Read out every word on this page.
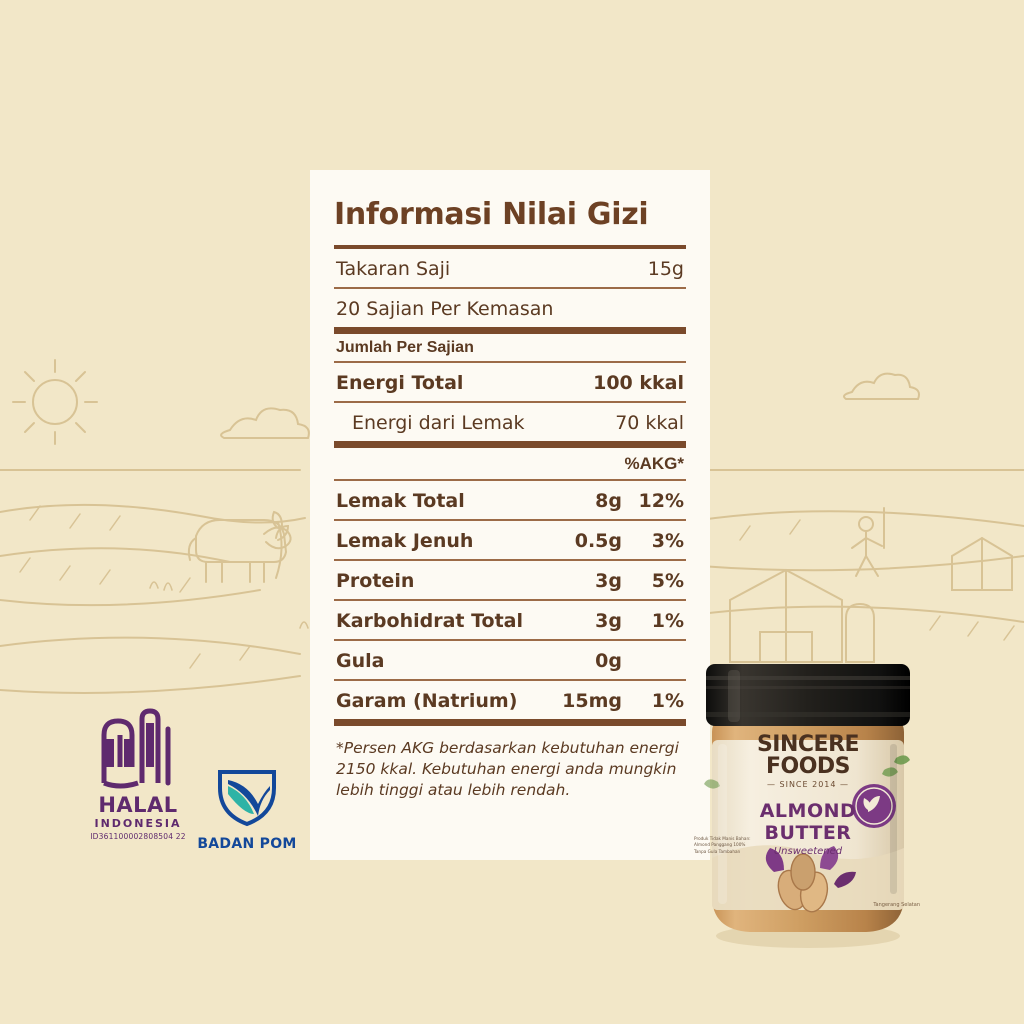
Informasi Nilai Gizi
Takaran Saji	15g
20 Sajian Per Kemasan
Jumlah Per Sajian
Energi Total	100 kkal
Energi dari Lemak	70 kkal
%AKG*
Lemak Total	8g 12%
Lemak Jenuh	0.5g	3%
Protein	3g	5%
Karbohidrat Total	3g	1%
Gula	0g
Garam (Natrium)	15mg	1%
*Persen AKG berdasarkan kebutuhan energi 2150 kkal. Kebutuhan energi anda mungkin lebih tinggi atau lebih rendah.
HALAL
INDONESIA
ID361100002808504 22 BADAN POM
SINCERE
FOODS
— SINCE 2014 —
ALMOND
BUTTER
Unsweetened
Produk Tidak Manis Bahan: Almond Panggang 100% Tanpa Gula Tambahan
Tangerang Selatan
